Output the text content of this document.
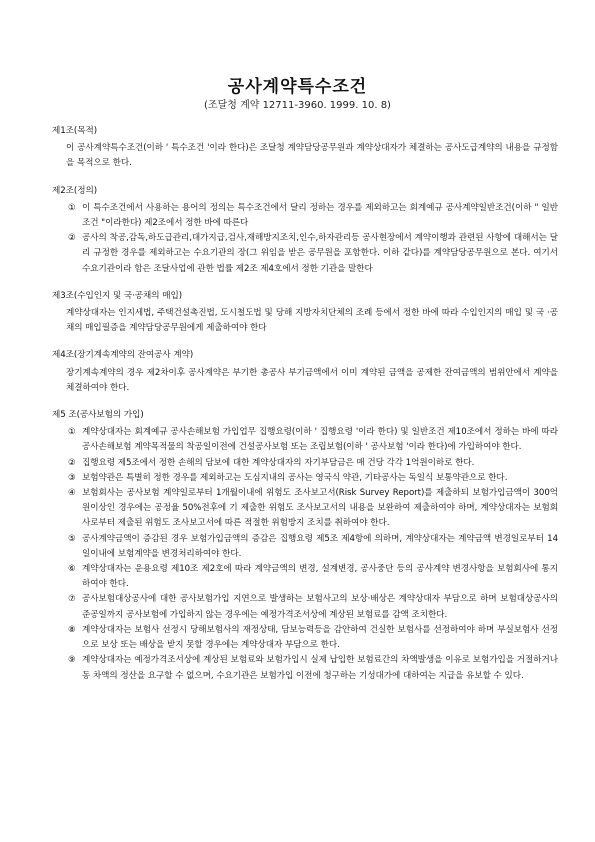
공사계약특수조건
(조달청 계약 12711-3960. 1999. 10. 8)
제1조(목적)
이 공사계약특수조건(이하 ' 특수조건 '이라 한다)은 조달청 계약담당공무원과 계약상대자가 체결하는 공사도급계약의 내용을 규정함을 목적으로 한다.
제2조(정의)
① 이 특수조건에서 사용하는 용어의 정의는 특수조건에서 달리 정하는 경우를 제외하고는 회계예규 공사계약일반조건(이하 " 일반조건 "이라한다) 제2조에서 정한 바에 따른다
② 공사의 착공,감독,하도급관리,대가지급,검사,재해방지조치,인수,하자관리등 공사현장에서 계약이행과 관련된 사항에 대해서는 달리 규정한 경우를 제외하고는 수요기관의 장(그 위임을 받은 공무원을 포함한다. 이하 같다)를 계약담당공무원으로 본다. 여기서 수요기관이라 함은 조달사업에 관한 법률 제2조 제4호에서 정한 기관을 말한다
제3조(수입인지 및 국·공채의 매입)
계약상대자는 인지세법, 주택건설촉진법, 도시철도법 및 당해 지방자치단체의 조례 등에서 정한 바에 따라 수입인지의 매입 및 국 ·공채의 매입필증을 계약담당공무원에게 제출하여야 한다
제4조(장기계속계약의 잔여공사 계약)
장기계속계약의 경우 제2차이후 공사계약은 부기한 총공사 부기금액에서 이미 계약된 금액을 공제한 잔여금액의 범위안에서 계약을 체결하여야 한다.
제5 조(공사보험의 가입)
① 계약상대자는 회계예규 공사손해보험 가입업무 집행요령(이하 ' 집행요령 '이라 한다) 및 일반조건 제10조에서 정하는 바에 따라 공사손해보험 계약목적물의 착공일이전에 건설공사보험 또는 조립보험(이하 ' 공사보험 '이라 한다)에 가입하여야 한다.
② 집행요령 제5조에서 정한 손해의 담보에 대한 계약상대자의 자기부담금은 매 건당 각각 1억원이하로 한다.
③ 보험약관은 특별히 정한 경우를 제외하고는 도심지내의 공사는 영국식 약관, 기타공사는 독일식 보통약관으로 한다.
④ 보험회사는 공사보험 계약일로부터 1개월이내에 위험도 조사보고서(Risk Survey Report)를 제출하되 보험가입금액이 300억원이상인 경우에는 공정율 50%전후에 기 제출한 위험도 조사보고서의 내용을 보완하여 제출하여야 하며, 계약상대자는 보험회사로부터 제출된 위험도 조사보고서에 따른 적절한 위험방지 조치를 취하여야 한다.
⑤ 공사계약금액이 증감된 경우 보험가입금액의 증감은 집행요령 제5조 제4항에 의하며, 계약상대자는 계약금액 변경일로부터 14일이내에 보험계약을 변경처리하여야 한다.
⑥ 계약상대자는 운용요령 제10조 제2호에 따라 계약금액의 변경, 설계변경, 공사중단 등의 공사계약 변경사항을 보험회사에 통지하여야 한다.
⑦ 공사보험대상공사에 대한 공사보험가입 지연으로 발생하는 보험사고의 보상·배상은 계약상대자 부담으로 하며 보험대상공사의 준공일까지 공사보험에 가입하지 않는 경우에는 예정가격조서상에 계상된 보험료를 감액 조치한다.
⑧ 계약상대자는 보험사 선정시 당해보험사의 재정상태, 담보능력등을 감안하여 건실한 보험사를 선정하여야 하며 부실보험사 선정으로 보상 또는 배상을 받지 못할 경우에는 계약상대자 부담으로 한다.
⑨ 계약상대자는 예정가격조서상에 계상된 보험료와 보험가입시 실제 납입한 보험료간의 차액발생을 이유로 보험가입을 거절하거나 동 차액의 정산을 요구할 수 없으며, 수요기관은 보험가입 이전에 청구하는 기성대가에 대하여는 지급을 유보할 수 있다.
